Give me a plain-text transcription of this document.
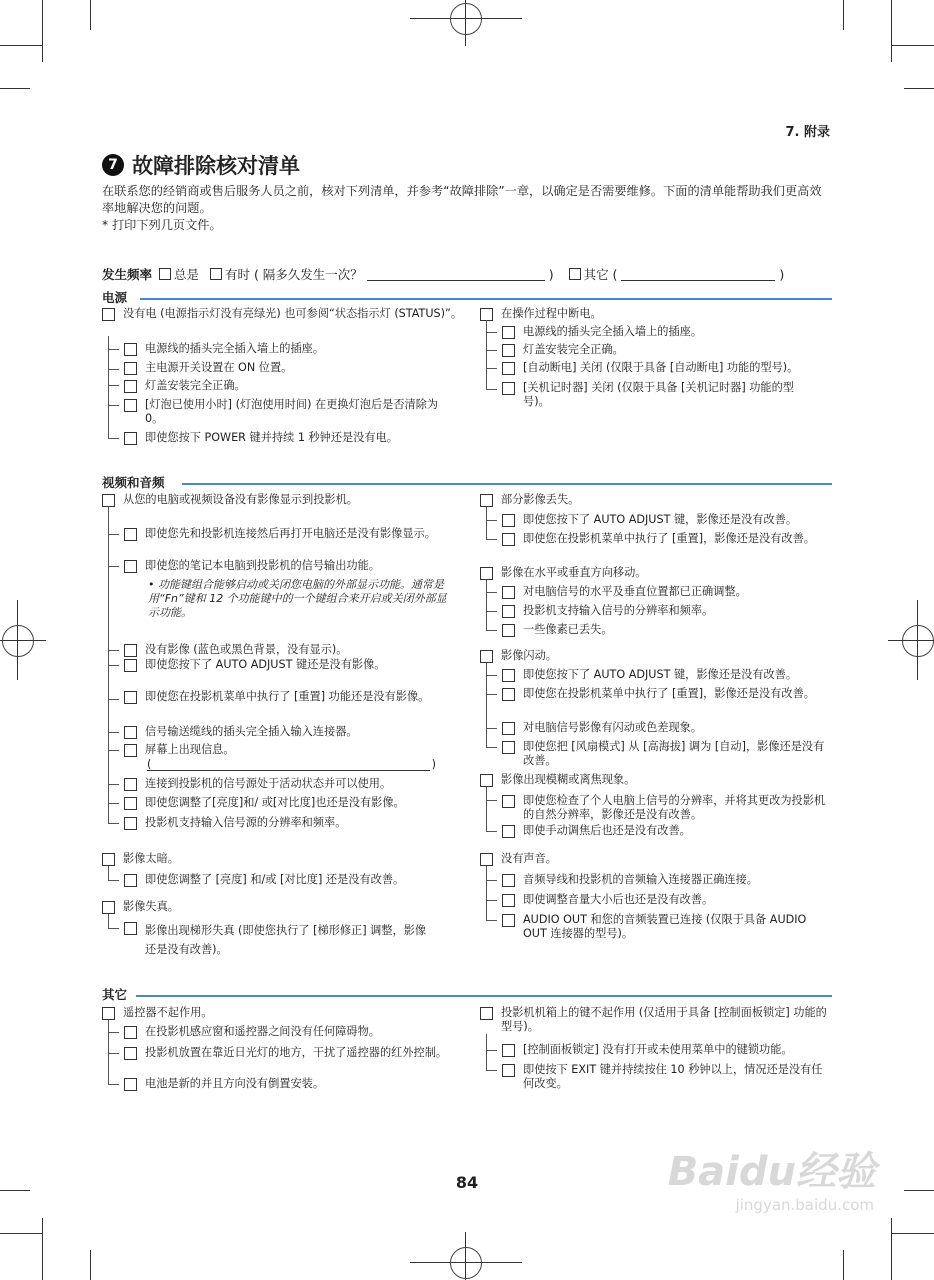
7. 附录
7 故障排除核对清单
在联系您的经销商或售后服务人员之前，核对下列清单，并参考“故障排除”一章，以确定是否需要维修。下面的清单能帮助我们更高效率地解决您的问题。
* 打印下列几页文件。
发生频率 总是 有时 ( 隔多久发生一次？	) 其它 (	)
电源
没有电 (电源指示灯没有亮绿光) 也可参阅“状态指示灯 (STATUS)”。
电源线的插头完全插入墙上的插座。
主电源开关设置在 ON 位置。
灯盖安装完全正确。
[灯泡已使用小时] (灯泡使用时间) 在更换灯泡后是否清除为 0。
即使您按下 POWER 键并持续 1 秒钟还是没有电。
在操作过程中断电。
电源线的插头完全插入墙上的插座。
灯盖安装完全正确。
[自动断电] 关闭 (仅限于具备 [自动断电] 功能的型号)。
[关机记时器] 关闭 (仅限于具备 [关机记时器] 功能的型号)。
视频和音频
从您的电脑或视频设备没有影像显示到投影机。
即使您先和投影机连接然后再打开电脑还是没有影像显示。
即使您的笔记本电脑到投影机的信号输出功能。
• 功能键组合能够启动或关闭您电脑的外部显示功能。通常是用“Fn”键和 12 个功能键中的一个键组合来开启或关闭外部显示功能。
没有影像 (蓝色或黑色背景，没有显示)。
即使您按下了 AUTO ADJUST 键还是没有影像。
即使您在投影机菜单中执行了 [重置] 功能还是没有影像。
信号输送缆线的插头完全插入输入连接器。
屏幕上出现信息。
(	)
连接到投影机的信号源处于活动状态并可以使用。
即使您调整了[亮度]和/ 或[对比度]也还是没有影像。
投影机支持输入信号源的分辨率和频率。
影像太暗。
即使您调整了 [亮度] 和/或 [对比度] 还是没有改善。
影像失真。
影像出现梯形失真 (即使您执行了 [梯形修正] 调整，影像还是没有改善)。
部分影像丢失。
即使您按下了 AUTO ADJUST 键，影像还是没有改善。
即使您在投影机菜单中执行了 [重置]，影像还是没有改善。
影像在水平或垂直方向移动。
对电脑信号的水平及垂直位置都已正确调整。
投影机支持输入信号的分辨率和频率。
一些像素已丢失。
影像闪动。
即使您按下了 AUTO ADJUST 键，影像还是没有改善。
即使您在投影机菜单中执行了 [重置]，影像还是没有改善。
对电脑信号影像有闪动或色差现象。
即使您把 [风扇模式] 从 [高海拔] 调为 [自动]，影像还是没有改善。
影像出现模糊或离焦现象。
即使您检查了个人电脑上信号的分辨率，并将其更改为投影机的自然分辨率，影像还是没有改善。
即使手动调焦后也还是没有改善。
没有声音。
音频导线和投影机的音频输入连接器正确连接。
即使调整音量大小后也还是没有改善。
AUDIO OUT 和您的音频装置已连接 (仅限于具备 AUDIO OUT 连接器的型号)。
其它
遥控器不起作用。
在投影机感应窗和遥控器之间没有任何障碍物。
投影机放置在靠近日光灯的地方，干扰了遥控器的红外控制。
电池是新的并且方向没有倒置安装。
投影机机箱上的键不起作用 (仅适用于具备 [控制面板锁定] 功能的型号)。
[控制面板锁定] 没有打开或未使用菜单中的键锁功能。
即使按下 EXIT 键并持续按住 10 秒钟以上，情况还是没有任何改变。
84	Baidu经验
jingyan.baidu.com
